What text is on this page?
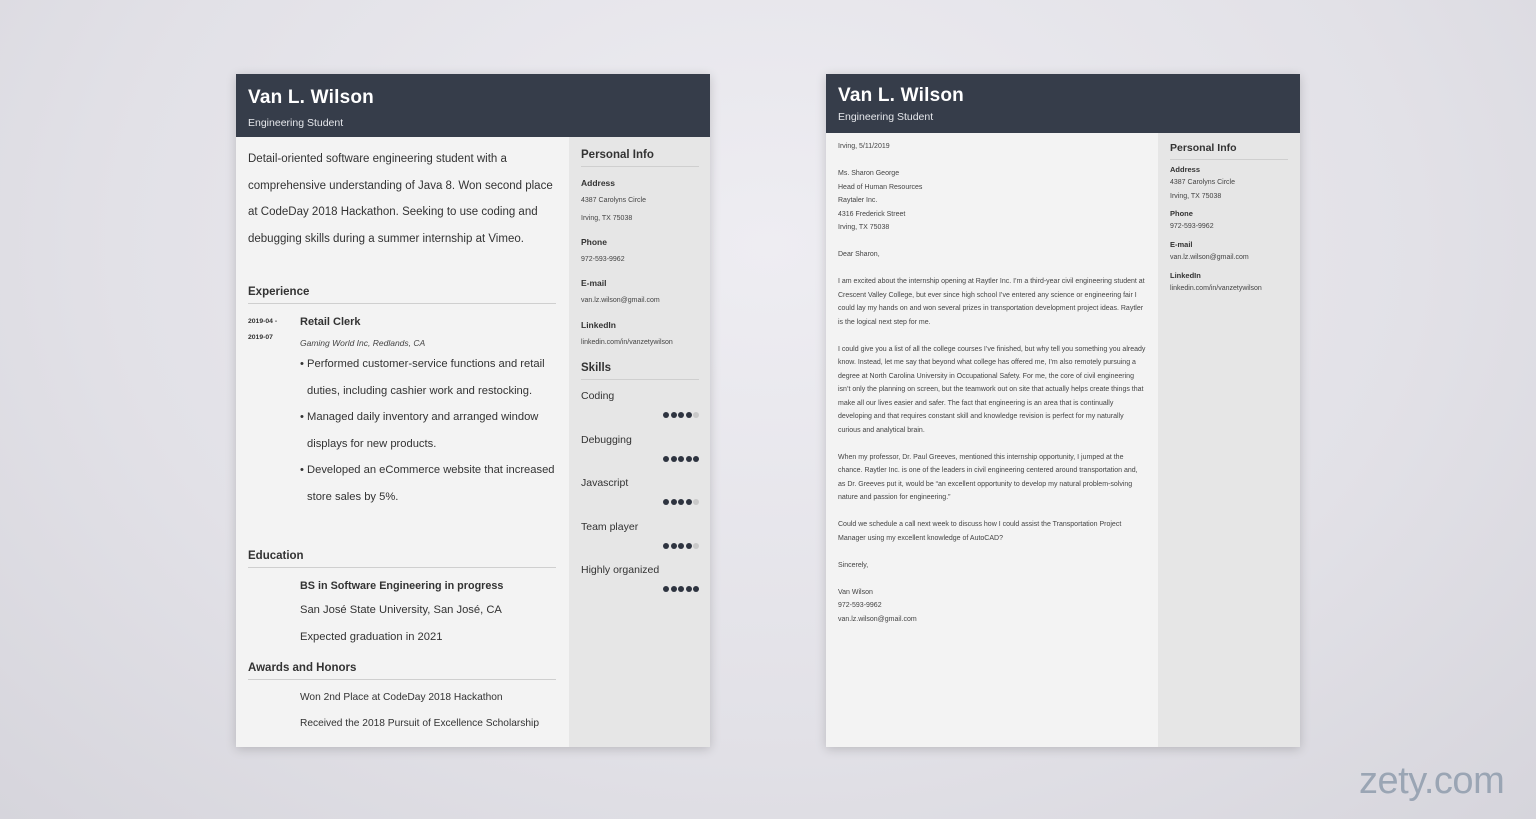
Van L. Wilson
Engineering Student
Detail-oriented software engineering student with a comprehensive understanding of Java 8. Won second place at CodeDay 2018 Hackathon. Seeking to use coding and debugging skills during a summer internship at Vimeo.
Experience
2019-04 -
2019-07
Retail Clerk
Gaming World Inc, Redlands, CA
• Performed customer-service functions and retail duties, including cashier work and restocking.
• Managed daily inventory and arranged window displays for new products.
• Developed an eCommerce website that increased store sales by 5%.
Education
BS in Software Engineering in progress
San José State University, San José, CA
Expected graduation in 2021
Awards and Honors
Won 2nd Place at CodeDay 2018 Hackathon
Received the 2018 Pursuit of Excellence Scholarship
Personal Info
Address
4387 Carolyns Circle
Irving, TX 75038
Phone
972-593-9962
E-mail
van.lz.wilson@gmail.com
LinkedIn
linkedin.com/in/vanzetywilson
Skills
Coding
Debugging
Javascript
Team player
Highly organized
Van L. Wilson
Engineering Student

Irving, 5/11/2019

Ms. Sharon George
Head of Human Resources
Raytaler Inc.
4316 Frederick Street
Irving, TX 75038

Dear Sharon,

I am excited about the internship opening at Raytler Inc. I’m a third-year civil engineering student at Crescent Valley College, but ever since high school I’ve entered any science or engineering fair I could lay my hands on and won several prizes in transportation development project ideas. Raytler is the logical next step for me.

I could give you a list of all the college courses I’ve finished, but why tell you something you already know. Instead, let me say that beyond what college has offered me, I’m also remotely pursuing a degree at North Carolina University in Occupational Safety. For me, the core of civil engineering isn’t only the planning on screen, but the teamwork out on site that actually helps create things that make all our lives easier and safer. The fact that engineering is an area that is continually developing and that requires constant skill and knowledge revision is perfect for my naturally curious and analytical brain.

When my professor, Dr. Paul Greeves, mentioned this internship opportunity, I jumped at the chance. Raytler Inc. is one of the leaders in civil engineering centered around transportation and, as Dr. Greeves put it, would be “an excellent opportunity to develop my natural problem-solving nature and passion for engineering.”

Could we schedule a call next week to discuss how I could assist the Transportation Project Manager using my excellent knowledge of AutoCAD?

Sincerely,

Van Wilson
972-593-9962
van.lz.wilson@gmail.com

Personal Info
Address
4387 Carolyns Circle
Irving, TX 75038
Phone
972-593-9962
E-mail
van.lz.wilson@gmail.com
LinkedIn
linkedin.com/in/vanzetywilson
zety.com
